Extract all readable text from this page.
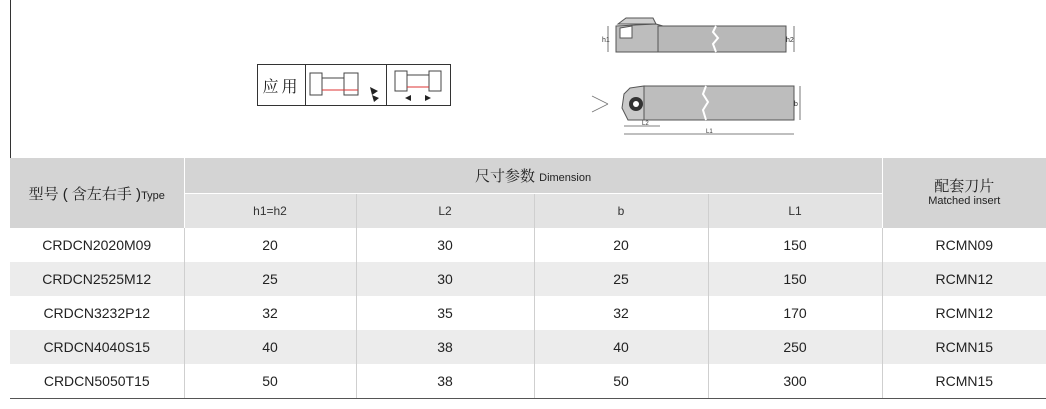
应用
h1	h2
b
L2
L1
型号 ( 含左右手 )Type	尺寸参数 Dimension				配套刀片
Matched insert

	h1=h2	L2	b	L1	
CRDCN2020M09	20	30	20	150	RCMN09
CRDCN2525M12	25	30	25	150	RCMN12
CRDCN3232P12	32	35	32	170	RCMN12
CRDCN4040S15	40	38	40	250	RCMN15
CRDCN5050T15	50	38	50	300	RCMN15
